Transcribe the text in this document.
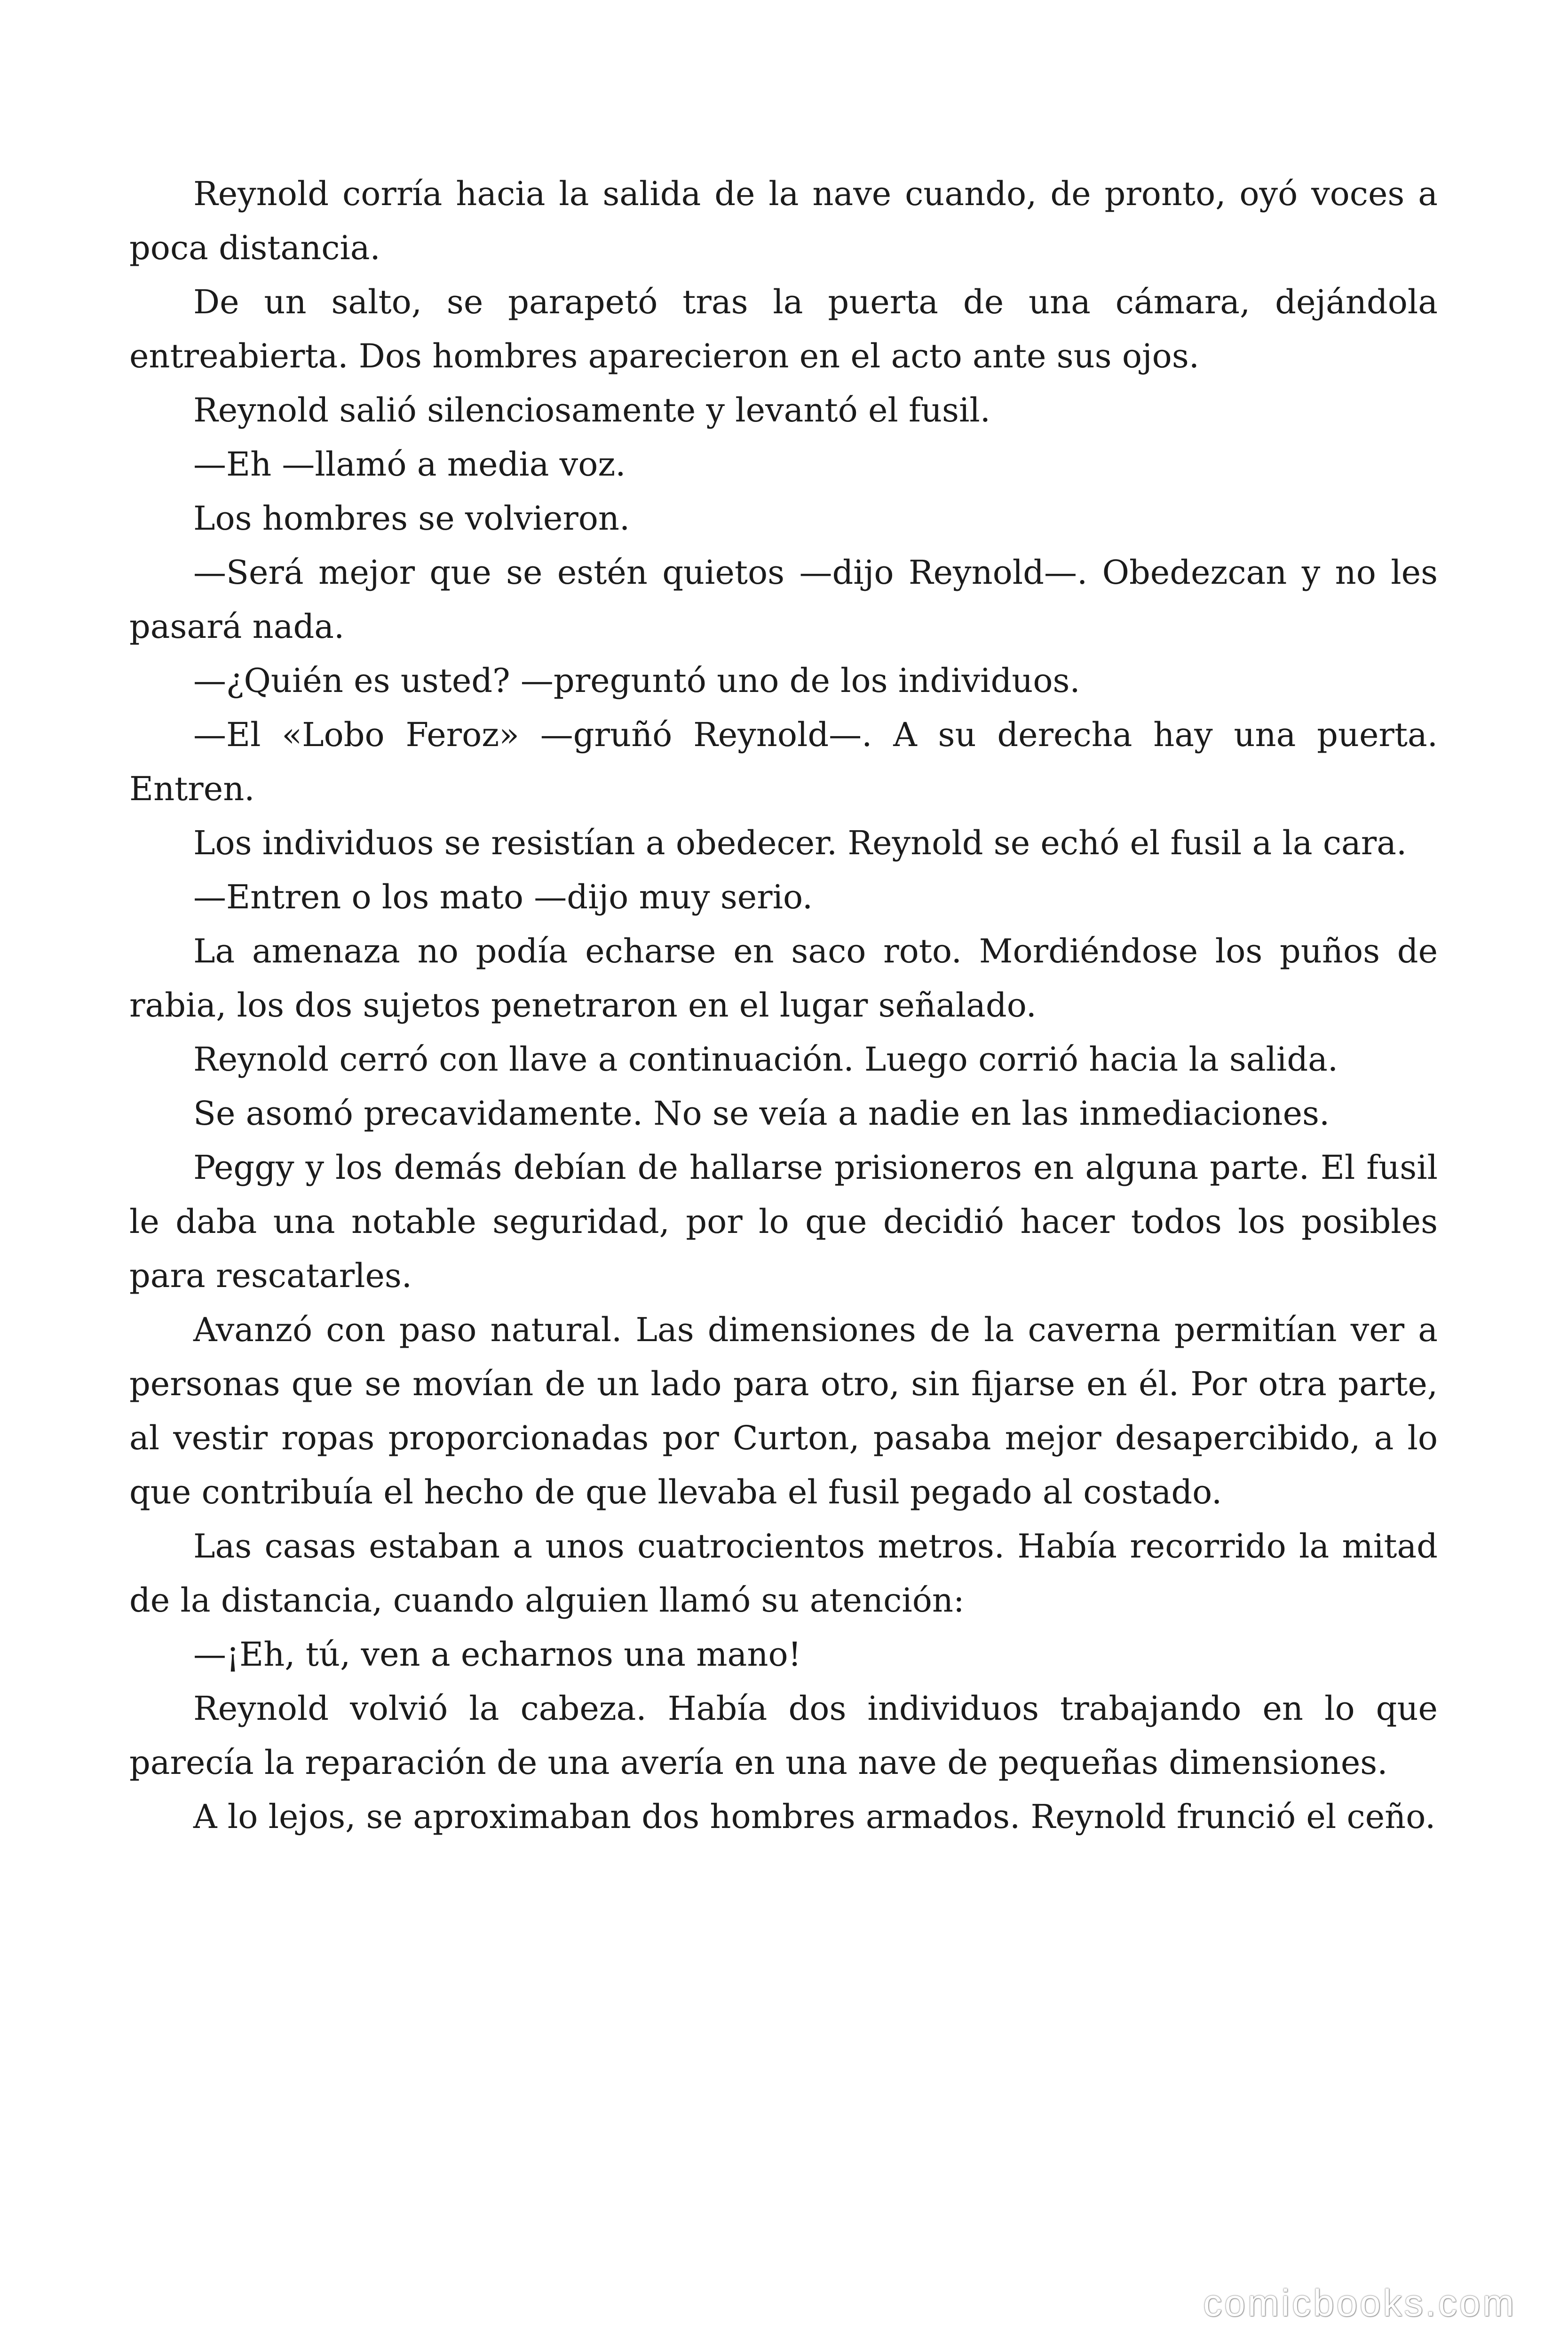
Reynold corría hacia la salida de la nave cuando, de pronto, oyó voces a poca distancia.

De un salto, se parapetó tras la puerta de una cámara, dejándola entreabierta. Dos hombres aparecieron en el acto ante sus ojos.

Reynold salió silenciosamente y levantó el fusil.

—Eh —llamó a media voz.

Los hombres se volvieron.

—Será mejor que se estén quietos —dijo Reynold—. Obedezcan y no les pasará nada.

—¿Quién es usted? —preguntó uno de los individuos.

—El «Lobo Feroz» —gruñó Reynold—. A su derecha hay una puerta. Entren.

Los individuos se resistían a obedecer. Reynold se echó el fusil a la cara.

—Entren o los mato —dijo muy serio.

La amenaza no podía echarse en saco roto. Mordiéndose los puños de rabia, los dos sujetos penetraron en el lugar señalado.

Reynold cerró con llave a continuación. Luego corrió hacia la salida.

Se asomó precavidamente. No se veía a nadie en las inmediaciones.

Peggy y los demás debían de hallarse prisioneros en alguna parte. El fusil le daba una notable seguridad, por lo que decidió hacer todos los posibles para rescatarles.

Avanzó con paso natural. Las dimensiones de la caverna permitían ver a personas que se movían de un lado para otro, sin fijarse en él. Por otra parte, al vestir ropas proporcionadas por Curton, pasaba mejor desapercibido, a lo que contribuía el hecho de que llevaba el fusil pegado al costado.

Las casas estaban a unos cuatrocientos metros. Había recorrido la mitad de la distancia, cuando alguien llamó su atención:

—¡Eh, tú, ven a echarnos una mano!

Reynold volvió la cabeza. Había dos individuos trabajando en lo que parecía la reparación de una avería en una nave de pequeñas dimensiones.

A lo lejos, se aproximaban dos hombres armados. Reynold frunció el ceño.

comicbooks.com
